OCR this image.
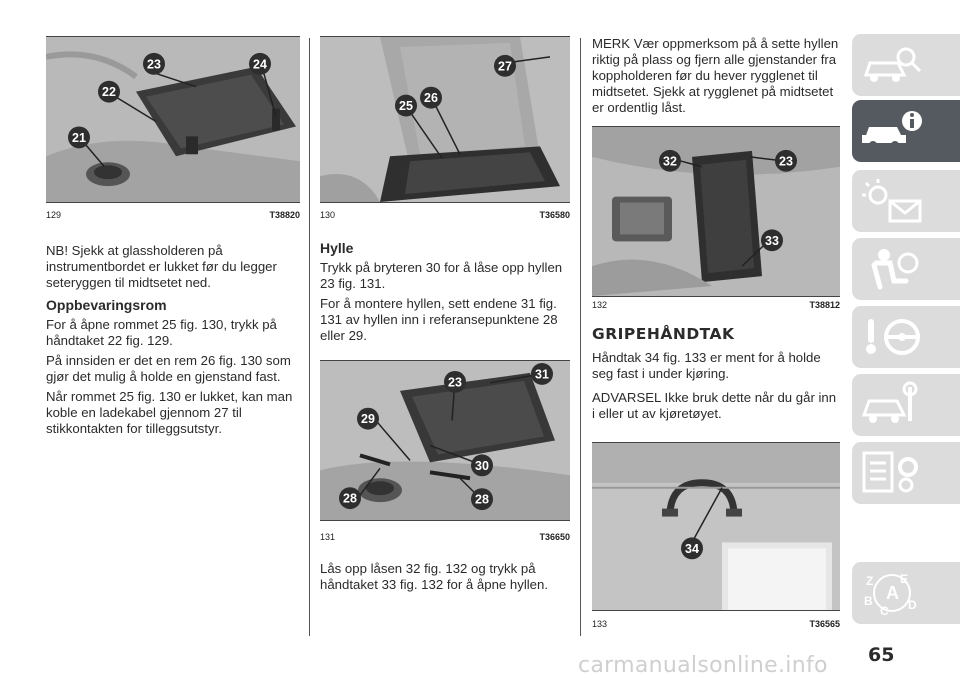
23	24
22
21
129	T38820

NB! Sjekk at glassholderen på instrumentbordet er lukket før du legger seteryggen til midtsetet ned.

Oppbevaringsrom

For å åpne rommet 25 fig. 130, trykk på håndtaket 22 fig. 129.

På innsiden er det en rem 26 fig. 130 som gjør det mulig å holde en gjenstand fast.

Når rommet 25 fig. 130 er lukket, kan man koble en ladekabel gjennom 27 til stikkontakten for tilleggsutstyr.

25
26
27
130	T36580

Hylle

Trykk på bryteren 30 for å låse opp hyllen 23 fig. 131.

For å montere hyllen, sett endene 31 fig. 131 av hyllen inn i referansepunktene 28 eller 29.

23
31
29
30
28	28
131	T36650

Lås opp låsen 32 fig. 132 og trykk på håndtaket 33 fig. 132 for å åpne hyllen.

MERK Vær oppmerksom på å sette hyllen riktig på plass og fjern alle gjenstander fra koppholderen før du hever rygglenet til midtsetet. Sjekk at rygglenet på midtsetet er ordentlig låst.

32	23
33
132	T38812

GRIPEHÅNDTAK

Håndtak 34 fig. 133 er ment for å holde seg fast i under kjøring.

ADVARSEL Ikke bruk dette når du går inn i eller ut av kjøretøyet.

34
133	T36565
Z E
B A
D
C
65
carmanualsonline.info
